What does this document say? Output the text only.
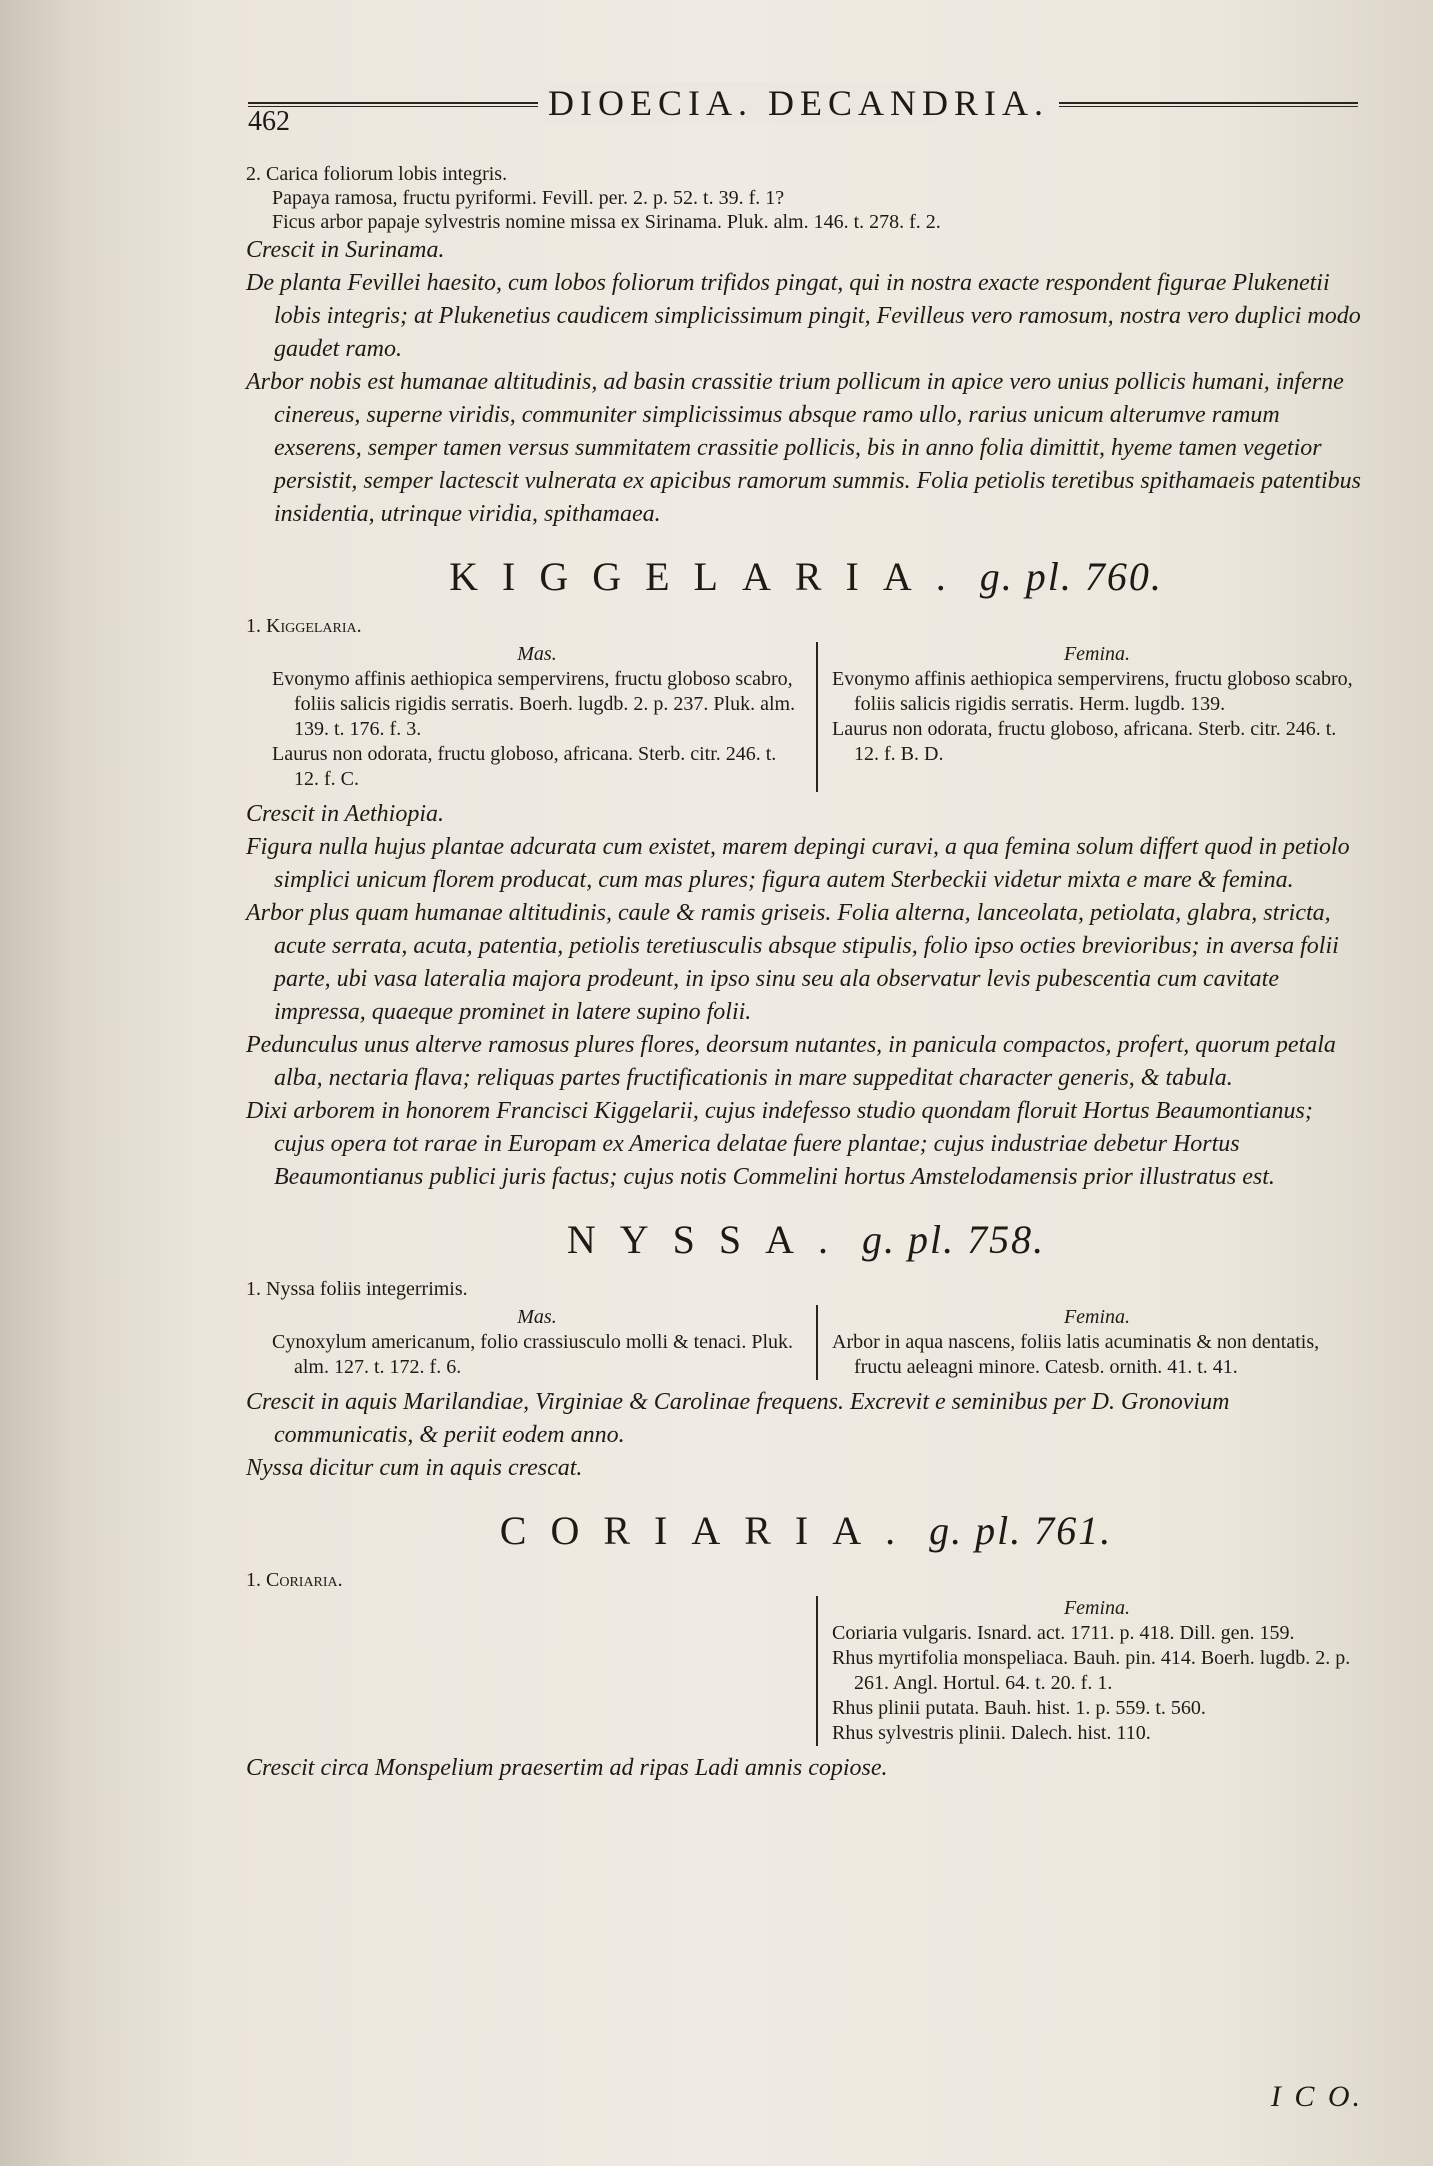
462	DIOECIA. DECANDRIA.

2. Carica foliorum lobis integris.

Papaya ramosa, fructu pyriformi. Fevill. per. 2. p. 52. t. 39. f. 1?

Ficus arbor papaje sylvestris nomine missa ex Sirinama. Pluk. alm. 146. t. 278. f. 2.

Crescit in Surinama.

De planta Fevillei haesito, cum lobos foliorum trifidos pingat, qui in nostra exacte respondent figurae Plukenetii lobis integris; at Plukenetius caudicem simplicissimum pingit, Fevilleus vero ramosum, nostra vero duplici modo gaudet ramo.

Arbor nobis est humanae altitudinis, ad basin crassitie trium pollicum in apice vero unius pollicis humani, inferne cinereus, superne viridis, communiter simplicissimus absque ramo ullo, rarius unicum alterumve ramum exserens, semper tamen versus summitatem crassitie pollicis, bis in anno folia dimittit, hyeme tamen vegetior persistit, semper lactescit vulnerata ex apicibus ramorum summis. Folia petiolis teretibus spithamaeis patentibus insidentia, utrinque viridia, spithamaea.

KIGGELARIA. g. pl. 760.

1. Kiggelaria.

Mas.

Evonymo affinis aethiopica sempervirens, fructu globoso scabro, foliis salicis rigidis serratis. Boerh. lugdb. 2. p. 237. Pluk. alm. 139. t. 176. f. 3.

Laurus non odorata, fructu globoso, africana. Sterb. citr. 246. t. 12. f. C.

Femina.

Evonymo affinis aethiopica sempervirens, fructu globoso scabro, foliis salicis rigidis serratis. Herm. lugdb. 139.

Laurus non odorata, fructu globoso, africana. Sterb. citr. 246. t. 12. f. B. D.

Crescit in Aethiopia.

Figura nulla hujus plantae adcurata cum existet, marem depingi curavi, a qua femina solum differt quod in petiolo simplici unicum florem producat, cum mas plures; figura autem Sterbeckii videtur mixta e mare & femina.

Arbor plus quam humanae altitudinis, caule & ramis griseis. Folia alterna, lanceolata, petiolata, glabra, stricta, acute serrata, acuta, patentia, petiolis teretiusculis absque stipulis, folio ipso octies brevioribus; in aversa folii parte, ubi vasa lateralia majora prodeunt, in ipso sinu seu ala observatur levis pubescentia cum cavitate impressa, quaeque prominet in latere supino folii.

Pedunculus unus alterve ramosus plures flores, deorsum nutantes, in panicula compactos, profert, quorum petala alba, nectaria flava; reliquas partes fructificationis in mare suppeditat character generis, & tabula.

Dixi arborem in honorem Francisci Kiggelarii, cujus indefesso studio quondam floruit Hortus Beaumontianus; cujus opera tot rarae in Europam ex America delatae fuere plantae; cujus industriae debetur Hortus Beaumontianus publici juris factus; cujus notis Commelini hortus Amstelodamensis prior illustratus est.

NYSSA. g. pl. 758.

1. Nyssa foliis integerrimis.

Mas.

Cynoxylum americanum, folio crassiusculo molli & tenaci. Pluk. alm. 127. t. 172. f. 6.

Femina.

Arbor in aqua nascens, foliis latis acuminatis & non dentatis, fructu aeleagni minore. Catesb. ornith. 41. t. 41.

Crescit in aquis Marilandiae, Virginiae & Carolinae frequens. Excrevit e seminibus per D. Gronovium communicatis, & periit eodem anno.

Nyssa dicitur cum in aquis crescat.

CORIARIA. g. pl. 761.

1. Coriaria.

Femina.

Coriaria vulgaris. Isnard. act. 1711. p. 418. Dill. gen. 159.

Rhus myrtifolia monspeliaca. Bauh. pin. 414. Boerh. lugdb. 2. p. 261. Angl. Hortul. 64. t. 20. f. 1.

Rhus plinii putata. Bauh. hist. 1. p. 559. t. 560.

Rhus sylvestris plinii. Dalech. hist. 110.

Crescit circa Monspelium praesertim ad ripas Ladi amnis copiose.

I C O.
